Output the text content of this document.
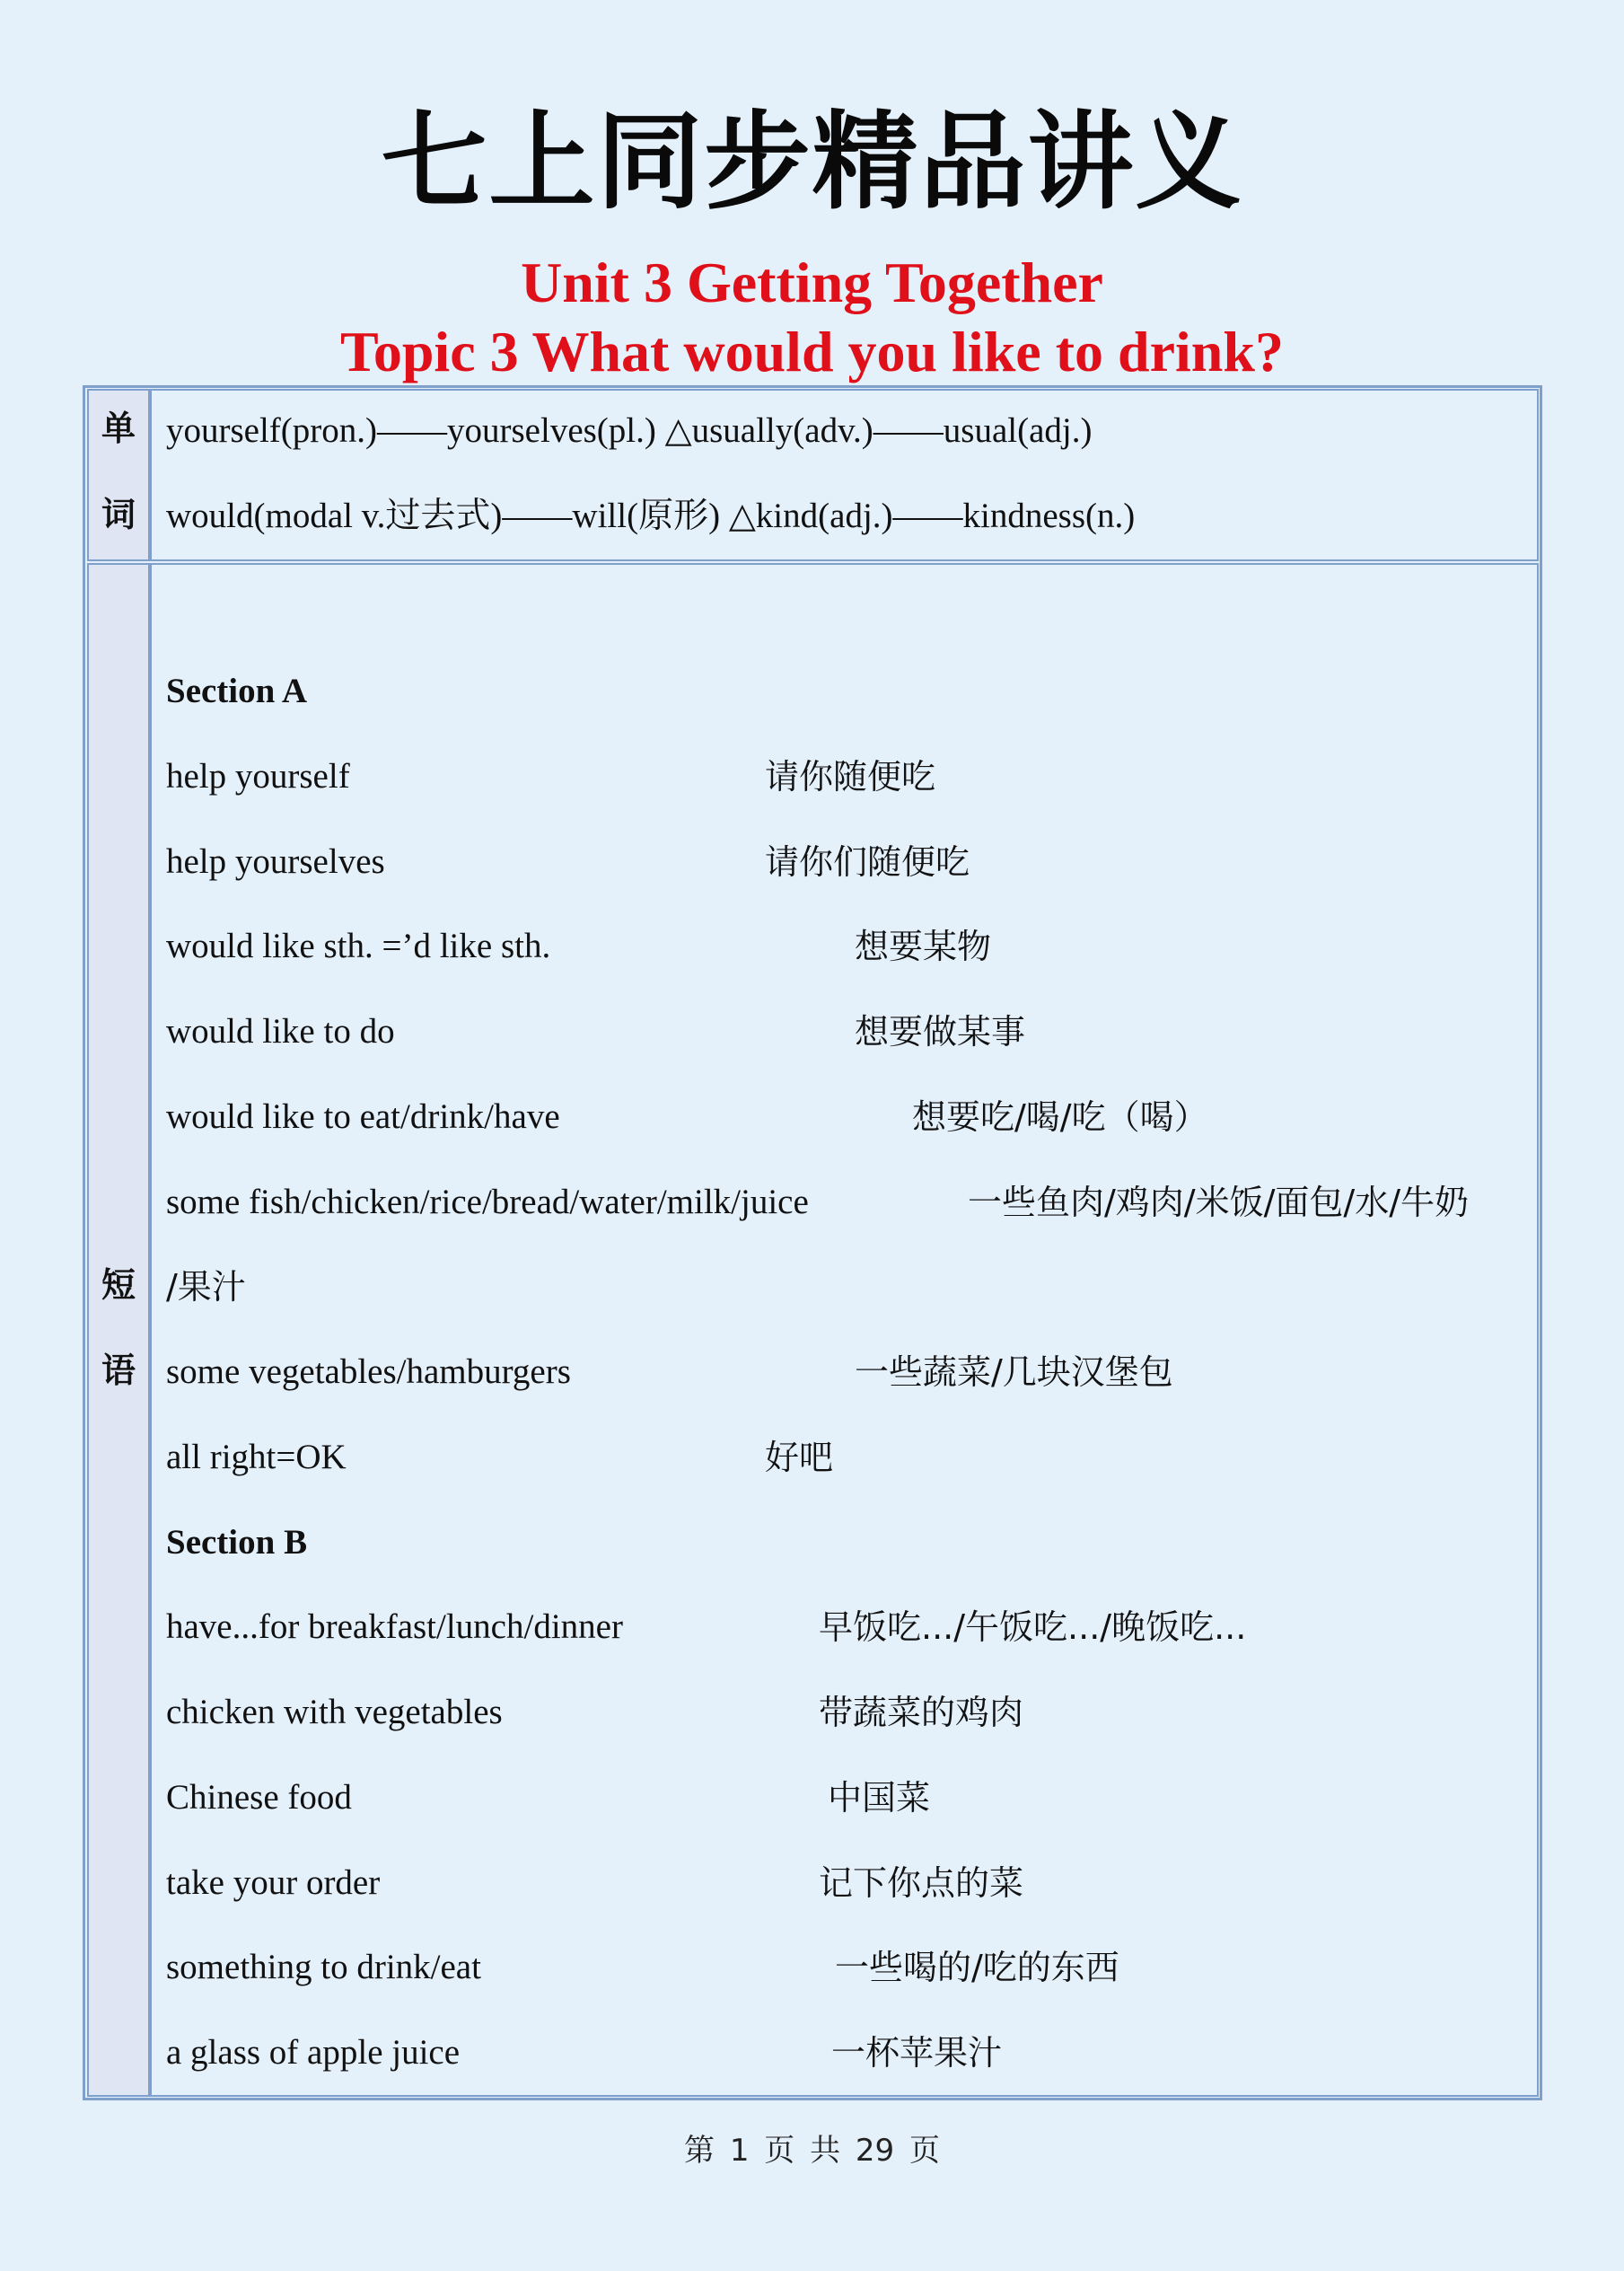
七上同步精品讲义
Unit 3 Getting Together
Topic 3 What would you like to drink?
单
词
yourself(pron.)——yourselves(pl.) △usually(adv.)——usual(adj.)
would(modal v.过去式)——will(原形) △kind(adj.)——kindness(n.)
短
语
Section A
help yourself	请你随便吃
help yourselves	请你们随便吃
would like sth. =’d like sth.	想要某物
would like to do	想要做某事
would like to eat/drink/have	想要吃/喝/吃（喝）
some fish/chicken/rice/bread/water/milk/juice	一些鱼肉/鸡肉/米饭/面包/水/牛奶
/果汁
some vegetables/hamburgers	一些蔬菜/几块汉堡包
all right=OK	好吧
Section B
have...for breakfast/lunch/dinner	早饭吃.../午饭吃.../晚饭吃...
chicken with vegetables	带蔬菜的鸡肉
Chinese food	中国菜
take your order	记下你点的菜
something to drink/eat	一些喝的/吃的东西
a glass of apple juice	一杯苹果汁
第 1 页 共 29 页
